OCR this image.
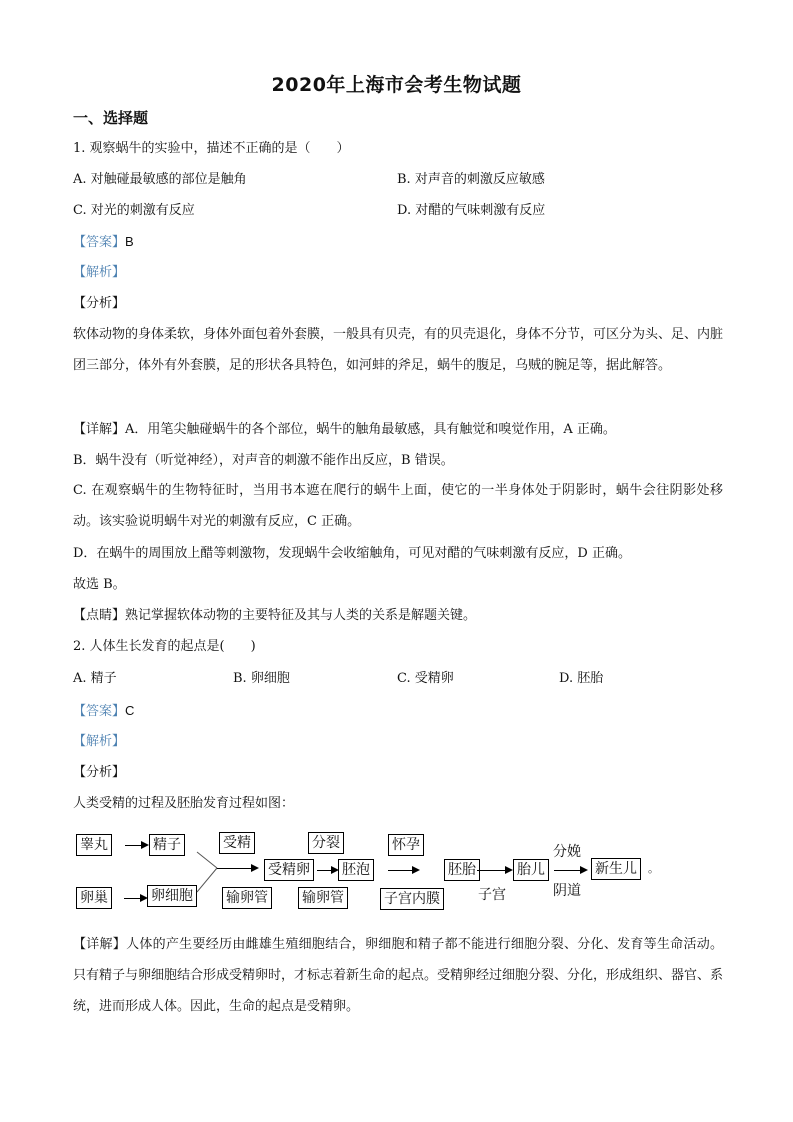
2020年上海市会考生物试题
一、选择题
1. 观察蜗牛的实验中，描述不正确的是（　　）
A. 对触碰最敏感的部位是触角	B. 对声音的刺激反应敏感
C. 对光的刺激有反应	D. 对醋的气味刺激有反应
【答案】B
【解析】
【分析】
软体动物的身体柔软，身体外面包着外套膜，一般具有贝壳，有的贝壳退化，身体不分节，可区分为头、足、内脏团三部分，体外有外套膜，足的形状各具特色，如河蚌的斧足，蜗牛的腹足，乌贼的腕足等，据此解答。
【详解】A．用笔尖触碰蜗牛的各个部位，蜗牛的触角最敏感，具有触觉和嗅觉作用，A 正确。
B．蜗牛没有（听觉神经），对声音的刺激不能作出反应，B 错误。
C. 在观察蜗牛的生物特征时，当用书本遮在爬行的蜗牛上面，使它的一半身体处于阴影时，蜗牛会往阴影处移动。该实验说明蜗牛对光的刺激有反应，C 正确。
D．在蜗牛的周围放上醋等刺激物，发现蜗牛会收缩触角，可见对醋的气味刺激有反应，D 正确。
故选 B。
【点睛】熟记掌握软体动物的主要特征及其与人类的关系是解题关键。
2. 人体生长发育的起点是(　　)
A. 精子	B. 卵细胞	C. 受精卵	D. 胚胎
【答案】C
【解析】
【分析】
人类受精的过程及胚胎发育过程如图：
睾丸	精子
卵巢	卵细胞
受精
输卵管
受精卵 胚泡
分裂
输卵管
怀孕
子宫内膜
胚胎
子宫
胎儿
分娩
阴道
新生儿	。
【详解】人体的产生要经历由雌雄生殖细胞结合，卵细胞和精子都不能进行细胞分裂、分化、发育等生命活动。只有精子与卵细胞结合形成受精卵时，才标志着新生命的起点。受精卵经过细胞分裂、分化，形成组织、器官、系统，进而形成人体。因此，生命的起点是受精卵。
